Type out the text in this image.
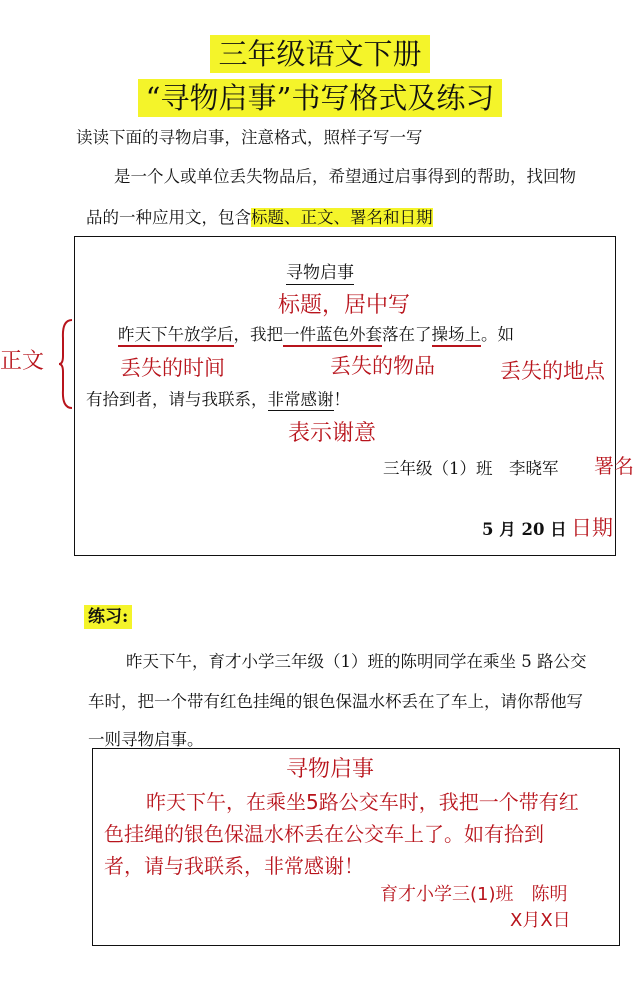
三年级语文下册
“寻物启事”书写格式及练习
读读下面的寻物启事，注意格式，照样子写一写
是一个人或单位丢失物品后，希望通过启事得到的帮助，找回物
品的一种应用文，包含标题、正文、署名和日期
寻物启事
标题，居中写
昨天下午放学后，我把一件蓝色外套落在了操场上。如
正文	丢失的时间	丢失的物品	丢失的地点
有拾到者，请与我联系，非常感谢！
表示谢意
三年级（1）班　李晓军 署名
5 月 20 日 日期
练习:
昨天下午，育才小学三年级（1）班的陈明同学在乘坐 5 路公交
车时，把一个带有红色挂绳的银色保温水杯丢在了车上，请你帮他写
一则寻物启事。
寻物启事
昨天下午，在乘坐5路公交车时，我把一个带有红
色挂绳的银色保温水杯丢在公交车上了。如有拾到
者，请与我联系，非常感谢！
育才小学三(1)班　陈明
X月X日
